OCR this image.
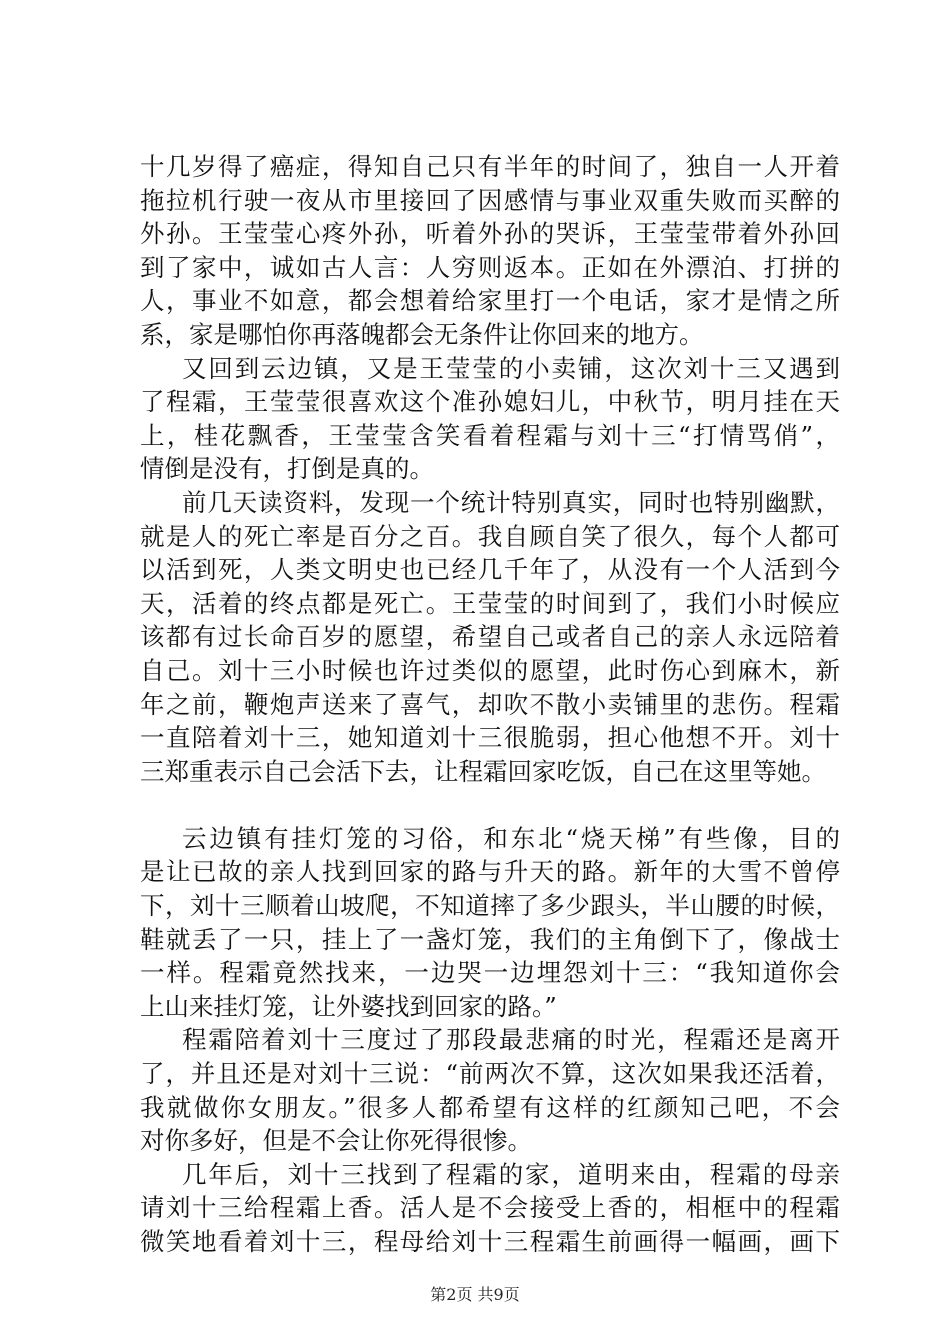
十几岁得了癌症，得知自己只有半年的时间了，独自一人开着
拖拉机行驶一夜从市里接回了因感情与事业双重失败而买醉的
外孙。王莹莹心疼外孙，听着外孙的哭诉，王莹莹带着外孙回
到了家中，诚如古人言：人穷则返本。正如在外漂泊、打拼的
人，事业不如意，都会想着给家里打一个电话，家才是情之所
系，家是哪怕你再落魄都会无条件让你回来的地方。
又回到云边镇，又是王莹莹的小卖铺，这次刘十三又遇到
了程霜，王莹莹很喜欢这个准孙媳妇儿，中秋节，明月挂在天
上，桂花飘香，王莹莹含笑看着程霜与刘十三“打情骂俏”，
情倒是没有，打倒是真的。
前几天读资料，发现一个统计特别真实，同时也特别幽默，
就是人的死亡率是百分之百。我自顾自笑了很久，每个人都可
以活到死，人类文明史也已经几千年了，从没有一个人活到今
天，活着的终点都是死亡。王莹莹的时间到了，我们小时候应
该都有过长命百岁的愿望，希望自己或者自己的亲人永远陪着
自己。刘十三小时候也许过类似的愿望，此时伤心到麻木，新
年之前，鞭炮声送来了喜气，却吹不散小卖铺里的悲伤。程霜
一直陪着刘十三，她知道刘十三很脆弱，担心他想不开。刘十
三郑重表示自己会活下去，让程霜回家吃饭，自己在这里等她。
云边镇有挂灯笼的习俗，和东北“烧天梯”有些像，目的
是让已故的亲人找到回家的路与升天的路。新年的大雪不曾停
下，刘十三顺着山坡爬，不知道摔了多少跟头，半山腰的时候，
鞋就丢了一只，挂上了一盏灯笼，我们的主角倒下了，像战士
一样。程霜竟然找来，一边哭一边埋怨刘十三：“我知道你会
上山来挂灯笼，让外婆找到回家的路。”
程霜陪着刘十三度过了那段最悲痛的时光，程霜还是离开
了，并且还是对刘十三说：“前两次不算，这次如果我还活着，
我就做你女朋友。”很多人都希望有这样的红颜知己吧，不会
对你多好，但是不会让你死得很惨。
几年后，刘十三找到了程霜的家，道明来由，程霜的母亲
请刘十三给程霜上香。活人是不会接受上香的，相框中的程霜
微笑地看着刘十三，程母给刘十三程霜生前画得一幅画，画下
第2页 共9页
